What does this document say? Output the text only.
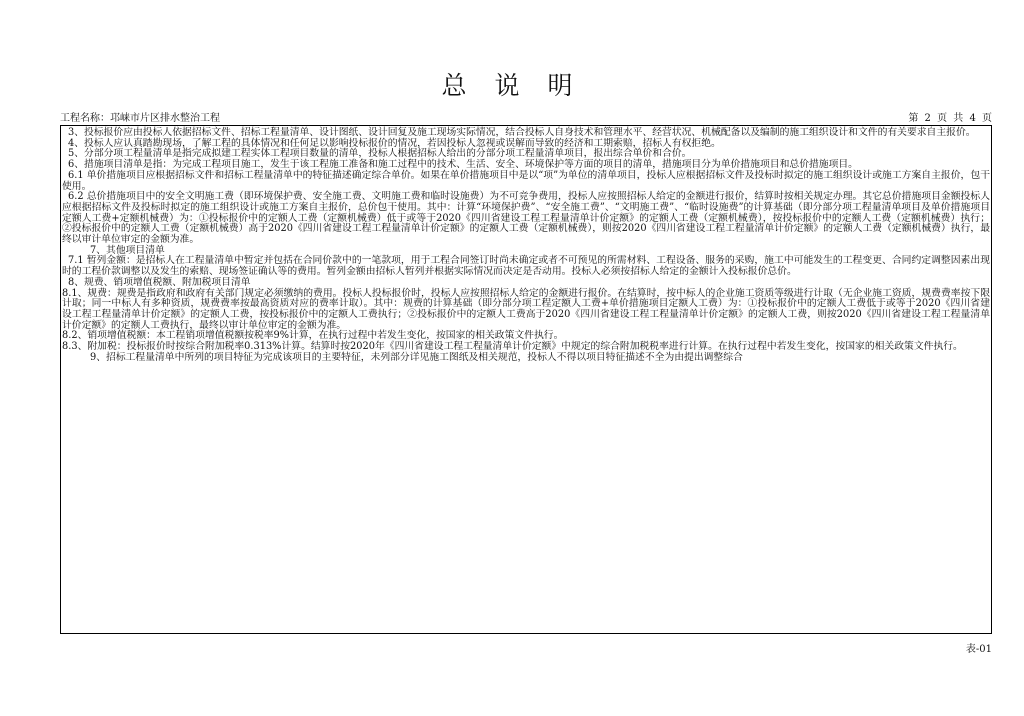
总 说 明
工程名称：邛崃市片区排水整治工程	第 2 页 共 4 页

3、投标报价应由投标人依据招标文件、招标工程量清单、设计图纸、设计回复及施工现场实际情况，结合投标人自身技术和管理水平、经营状况、机械配备以及编制的施工组织设计和文件的有关要求自主报价。

4、投标人应认真踏勘现场，了解工程的具体情况和任何足以影响投标报价的情况，若因投标人忽视或误解而导致的经济和工期索赔，招标人有权拒绝。

5、分部分项工程量清单是指完成拟建工程实体工程项目数量的清单，投标人根据招标人给出的分部分项工程量清单项目，报出综合单价和合价。

6、措施项目清单是指：为完成工程项目施工，发生于该工程施工准备和施工过程中的技术、生活、安全、环境保护等方面的项目的清单，措施项目分为单价措施项目和总价措施项目。

6.1 单价措施项目应根据招标文件和招标工程量清单中的特征描述确定综合单价。如果在单价措施项目中是以“项”为单位的清单项目，投标人应根据招标文件及投标时拟定的施工组织设计或施工方案自主报价，包干使用。

6.2 总价措施项目中的安全文明施工费（即环境保护费、安全施工费、文明施工费和临时设施费）为不可竞争费用，投标人应按照招标人给定的金额进行报价，结算时按相关规定办理。其它总价措施项目金额投标人应根据招标文件及投标时拟定的施工组织设计或施工方案自主报价，总价包干使用。其中：计算“环境保护费”、“安全施工费”、“文明施工费”、“临时设施费”的计算基础（即分部分项工程量清单项目及单价措施项目定额人工费+定额机械费）为：①投标报价中的定额人工费（定额机械费）低于或等于2020《四川省建设工程工程量清单计价定额》的定额人工费（定额机械费），按投标报价中的定额人工费（定额机械费）执行；②投标报价中的定额人工费（定额机械费）高于2020《四川省建设工程工程量清单计价定额》的定额人工费（定额机械费），则按2020《四川省建设工程工程量清单计价定额》的定额人工费（定额机械费）执行，最终以审计单位审定的金额为准。

7、其他项目清单

7.1 暂列金额：是招标人在工程量清单中暂定并包括在合同价款中的一笔款项，用于工程合同签订时尚未确定或者不可预见的所需材料、工程设备、服务的采购，施工中可能发生的工程变更、合同约定调整因素出现时的工程价款调整以及发生的索赔、现场签证确认等的费用。暂列金额由招标人暂列并根据实际情况而决定是否动用。投标人必须按招标人给定的金额计入投标报价总价。

8、规费、销项增值税额、附加税项目清单

8.1、规费：规费是指政府和政府有关部门规定必须缴纳的费用。投标人投标报价时，投标人应按照招标人给定的金额进行报价。在结算时，按中标人的企业施工资质等级进行计取（无企业施工资质，规费费率按下限计取；同一中标人有多种资质，规费费率按最高资质对应的费率计取）。其中：规费的计算基础（即分部分项工程定额人工费+单价措施项目定额人工费）为：①投标报价中的定额人工费低于或等于2020《四川省建设工程工程量清单计价定额》的定额人工费，按投标报价中的定额人工费执行；②投标报价中的定额人工费高于2020《四川省建设工程工程量清单计价定额》的定额人工费，则按2020《四川省建设工程工程量清单计价定额》的定额人工费执行，最终以审计单位审定的金额为准。

8.2、销项增值税额：本工程销项增值税额按税率9%计算，在执行过程中若发生变化，按国家的相关政策文件执行。

8.3、附加税：投标报价时按综合附加税率0.313%计算。结算时按2020年《四川省建设工程工程量清单计价定额》中规定的综合附加税税率进行计算。在执行过程中若发生变化，按国家的相关政策文件执行。

9、招标工程量清单中所列的项目特征为完成该项目的主要特征，未列部分详见施工图纸及相关规范，投标人不得以项目特征描述不全为由提出调整综合

表-01
